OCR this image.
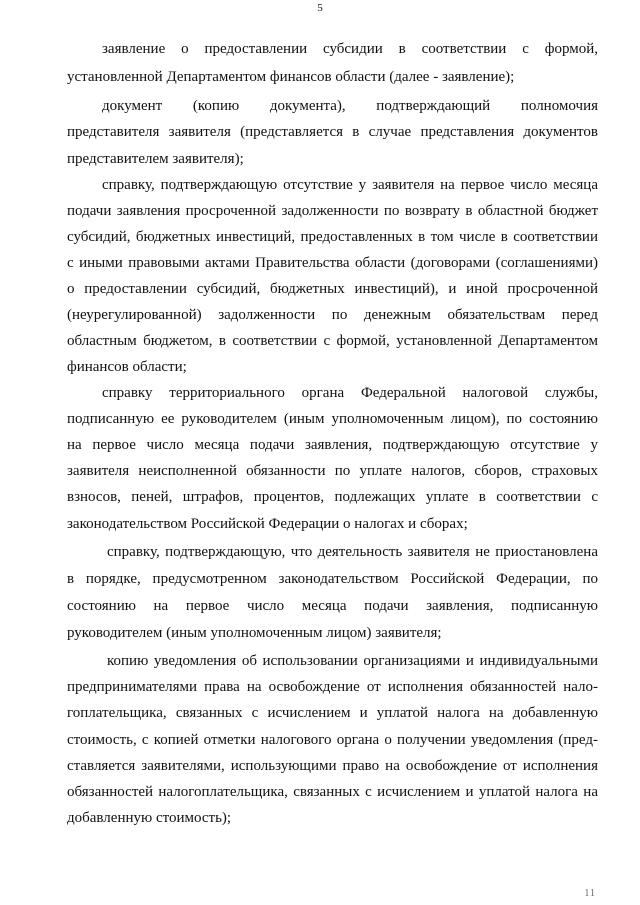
5
заявление о предоставлении субсидии в соответствии с формой,
установленной Департаментом финансов области (далее - заявление);
документ (копию документа), подтверждающий полномочия
представителя заявителя (представляется в случае представления документов
представителем заявителя);
справку, подтверждающую отсутствие у заявителя на первое число месяца
подачи заявления просроченной задолженности по возврату в областной бюджет
субсидий, бюджетных инвестиций, предоставленных в том числе в соответствии
с иными правовыми актами Правительства области (договорами (соглашениями)
о предоставлении субсидий, бюджетных инвестиций), и иной просроченной
(неурегулированной) задолженности по денежным обязательствам перед
областным бюджетом, в соответствии с формой, установленной Департаментом
финансов области;
справку территориального органа Федеральной налоговой службы,
подписанную ее руководителем (иным уполномоченным лицом), по состоянию
на первое число месяца подачи заявления, подтверждающую отсутствие у
заявителя неисполненной обязанности по уплате налогов, сборов, страховых
взносов, пеней, штрафов, процентов, подлежащих уплате в соответствии с
законодательством Российской Федерации о налогах и сборах;
справку, подтверждающую, что деятельность заявителя не приостановлена
в порядке, предусмотренном законодательством Российской Федерации, по
состоянию на первое число месяца подачи заявления, подписанную
руководителем (иным уполномоченным лицом) заявителя;
копию уведомления об использовании организациями и индивидуальными
предпринимателями права на освобождение от исполнения обязанностей нало-
гоплательщика, связанных с исчислением и уплатой налога на добавленную
стоимость, с копией отметки налогового органа о получении уведомления (пред-
ставляется заявителями, использующими право на освобождение от исполнения
обязанностей налогоплательщика, связанных с исчислением и уплатой налога на
добавленную стоимость);
11
